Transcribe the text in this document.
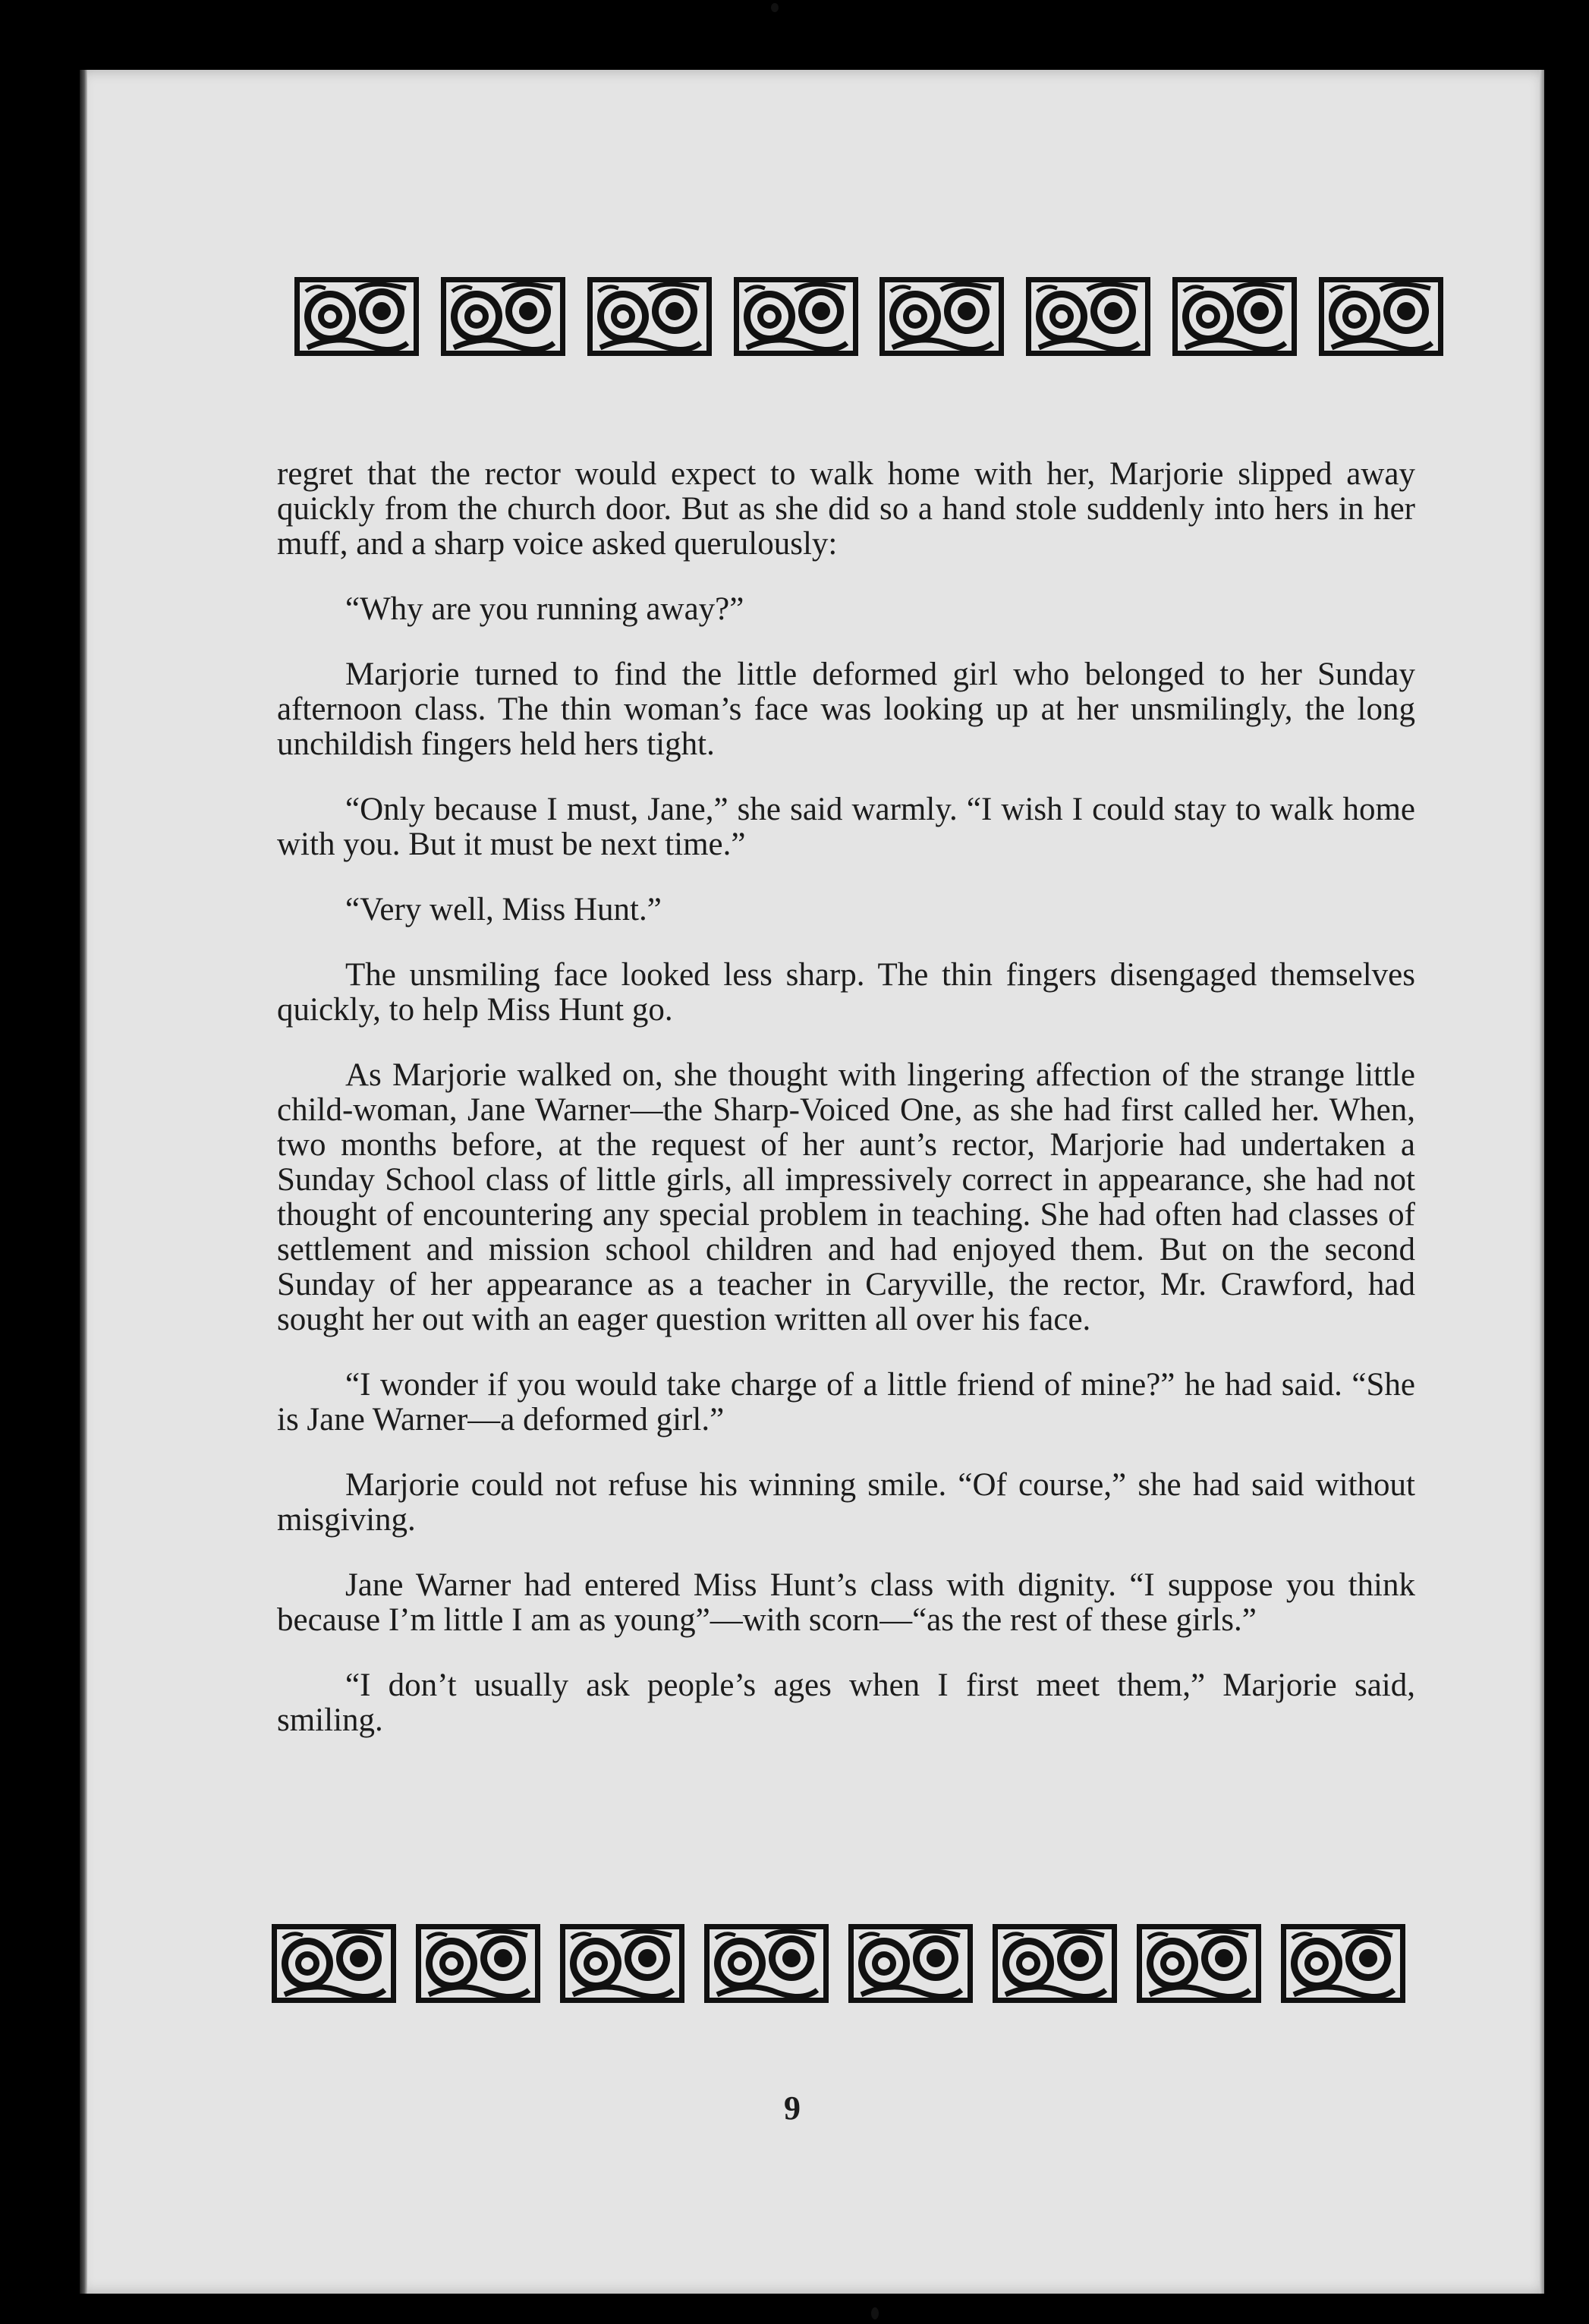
regret that the rector would expect to walk home with her, Marjorie slipped away quickly from the church door. But as she did so a hand stole suddenly into hers in her muff, and a sharp voice asked querulously:

“Why are you running away?”

Marjorie turned to find the little deformed girl who belonged to her Sunday afternoon class. The thin woman’s face was looking up at her unsmilingly, the long unchildish fingers held hers tight.

“Only because I must, Jane,” she said warmly. “I wish I could stay to walk home with you. But it must be next time.”

“Very well, Miss Hunt.”

The unsmiling face looked less sharp. The thin fingers disengaged themselves quickly, to help Miss Hunt go.

As Marjorie walked on, she thought with lingering affection of the strange little child-woman, Jane Warner—the Sharp-Voiced One, as she had first called her. When, two months before, at the request of her aunt’s rector, Marjorie had undertaken a Sunday School class of little girls, all impressively correct in appearance, she had not thought of encountering any special problem in teaching. She had often had classes of settlement and mission school children and had enjoyed them. But on the second Sunday of her appearance as a teacher in Caryville, the rector, Mr. Crawford, had sought her out with an eager question written all over his face.

“I wonder if you would take charge of a little friend of mine?” he had said. “She is Jane Warner—a deformed girl.”

Marjorie could not refuse his winning smile. “Of course,” she had said without misgiving.

Jane Warner had entered Miss Hunt’s class with dignity. “I suppose you think because I’m little I am as young”—with scorn—“as the rest of these girls.”

“I don’t usually ask people’s ages when I first meet them,” Marjorie said, smiling.

9
